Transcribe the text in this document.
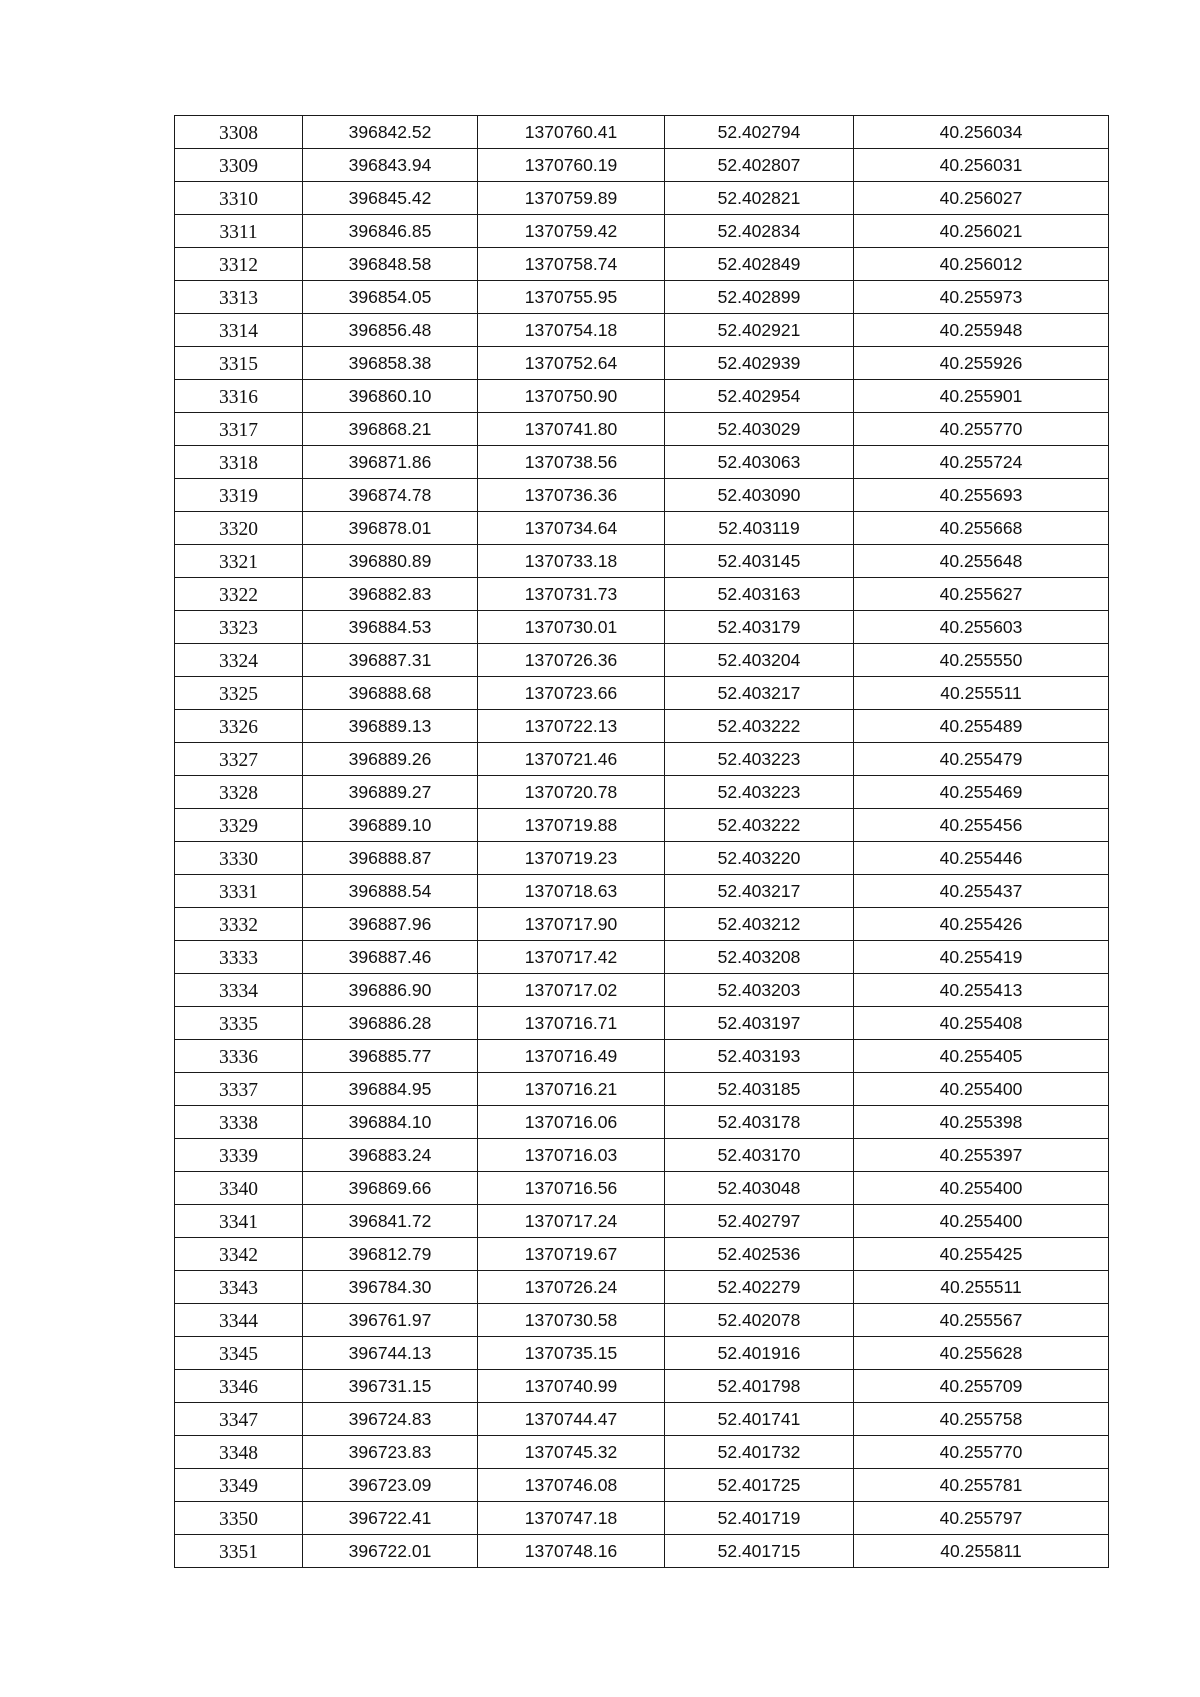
3308	396842.52	1370760.41	52.402794	40.256034
3309	396843.94	1370760.19	52.402807	40.256031
3310	396845.42	1370759.89	52.402821	40.256027
3311	396846.85	1370759.42	52.402834	40.256021
3312	396848.58	1370758.74	52.402849	40.256012
3313	396854.05	1370755.95	52.402899	40.255973
3314	396856.48	1370754.18	52.402921	40.255948
3315	396858.38	1370752.64	52.402939	40.255926
3316	396860.10	1370750.90	52.402954	40.255901
3317	396868.21	1370741.80	52.403029	40.255770
3318	396871.86	1370738.56	52.403063	40.255724
3319	396874.78	1370736.36	52.403090	40.255693
3320	396878.01	1370734.64	52.403119	40.255668
3321	396880.89	1370733.18	52.403145	40.255648
3322	396882.83	1370731.73	52.403163	40.255627
3323	396884.53	1370730.01	52.403179	40.255603
3324	396887.31	1370726.36	52.403204	40.255550
3325	396888.68	1370723.66	52.403217	40.255511
3326	396889.13	1370722.13	52.403222	40.255489
3327	396889.26	1370721.46	52.403223	40.255479
3328	396889.27	1370720.78	52.403223	40.255469
3329	396889.10	1370719.88	52.403222	40.255456
3330	396888.87	1370719.23	52.403220	40.255446
3331	396888.54	1370718.63	52.403217	40.255437
3332	396887.96	1370717.90	52.403212	40.255426
3333	396887.46	1370717.42	52.403208	40.255419
3334	396886.90	1370717.02	52.403203	40.255413
3335	396886.28	1370716.71	52.403197	40.255408
3336	396885.77	1370716.49	52.403193	40.255405
3337	396884.95	1370716.21	52.403185	40.255400
3338	396884.10	1370716.06	52.403178	40.255398
3339	396883.24	1370716.03	52.403170	40.255397
3340	396869.66	1370716.56	52.403048	40.255400
3341	396841.72	1370717.24	52.402797	40.255400
3342	396812.79	1370719.67	52.402536	40.255425
3343	396784.30	1370726.24	52.402279	40.255511
3344	396761.97	1370730.58	52.402078	40.255567
3345	396744.13	1370735.15	52.401916	40.255628
3346	396731.15	1370740.99	52.401798	40.255709
3347	396724.83	1370744.47	52.401741	40.255758
3348	396723.83	1370745.32	52.401732	40.255770
3349	396723.09	1370746.08	52.401725	40.255781
3350	396722.41	1370747.18	52.401719	40.255797
3351	396722.01	1370748.16	52.401715	40.255811
